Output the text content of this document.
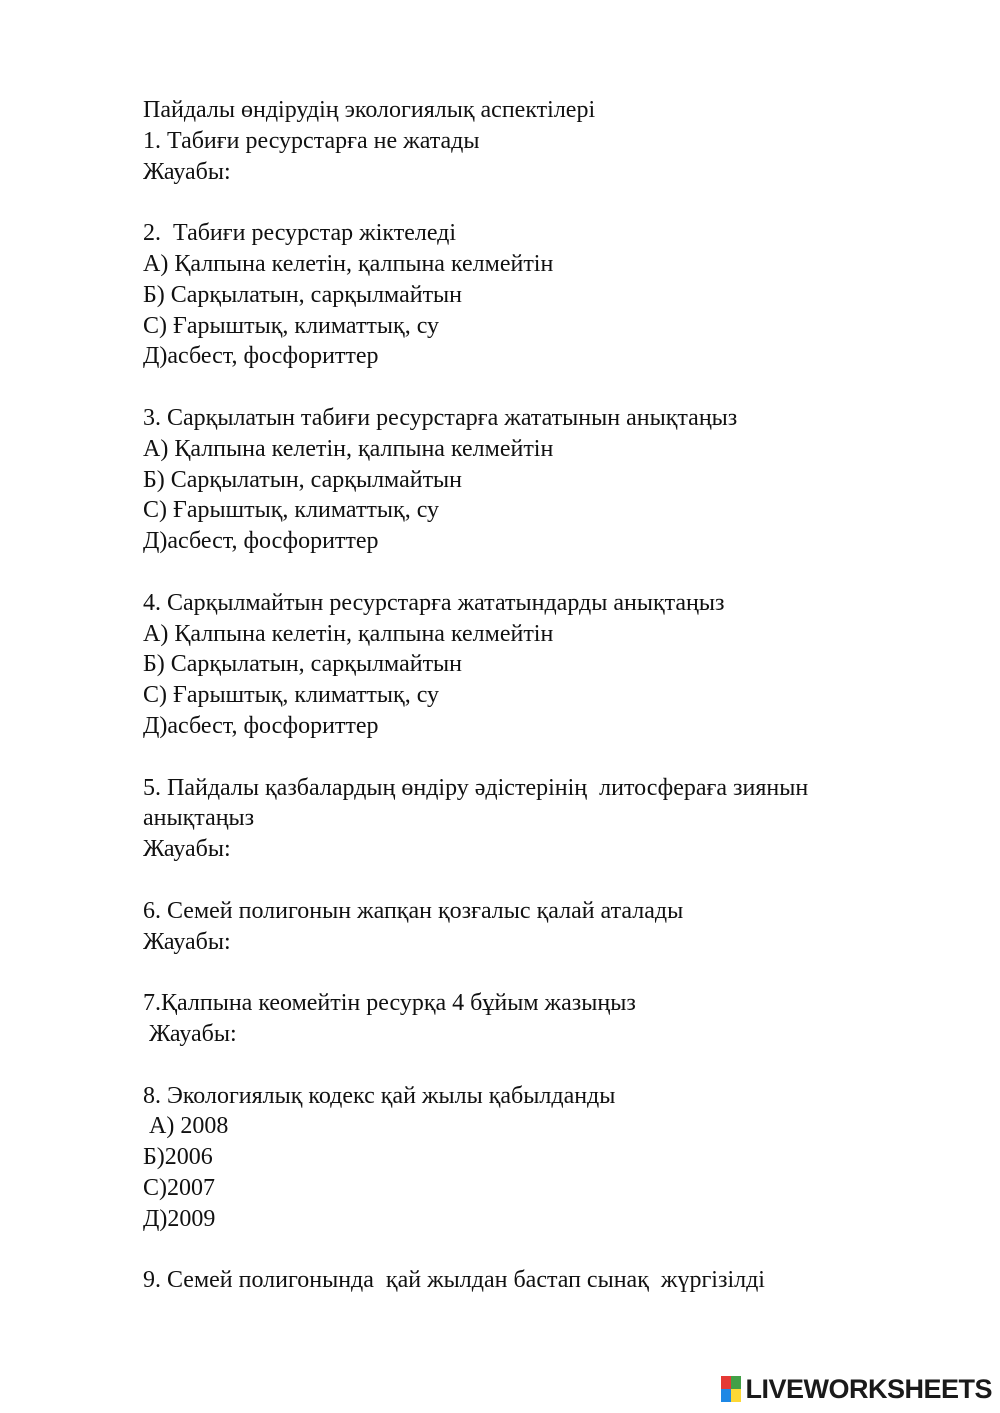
Пайдалы өндірудің экологиялық аспектілері
1. Табиғи ресурстарға не жатады
Жауабы:
2.  Табиғи ресурстар жіктеледі
А) Қалпына келетін, қалпына келмейтін
Б) Сарқылатын, сарқылмайтын
С) Ғарыштық, климаттық, су
Д)асбест, фосфориттер
3. Сарқылатын табиғи ресурстарға жататынын анықтаңыз
А) Қалпына келетін, қалпына келмейтін
Б) Сарқылатын, сарқылмайтын
С) Ғарыштық, климаттық, су
Д)асбест, фосфориттер
4. Сарқылмайтын ресурстарға жататындарды анықтаңыз
А) Қалпына келетін, қалпына келмейтін
Б) Сарқылатын, сарқылмайтын
С) Ғарыштық, климаттық, су
Д)асбест, фосфориттер
5. Пайдалы қазбалардың өндіру әдістерінің  литосфераға зиянын
анықтаңыз
Жауабы:
6. Семей полигонын жапқан қозғалыс қалай аталады
Жауабы:
7.Қалпына кеомейтін ресурқа 4 бұйым жазыңыз
Жауабы:
8. Экологиялық кодекс қай жылы қабылданды
А) 2008
Б)2006
С)2007
Д)2009
9. Семей полигонында  қай жылдан бастап сынақ  жүргізілді
LIVEWORKSHEETS
